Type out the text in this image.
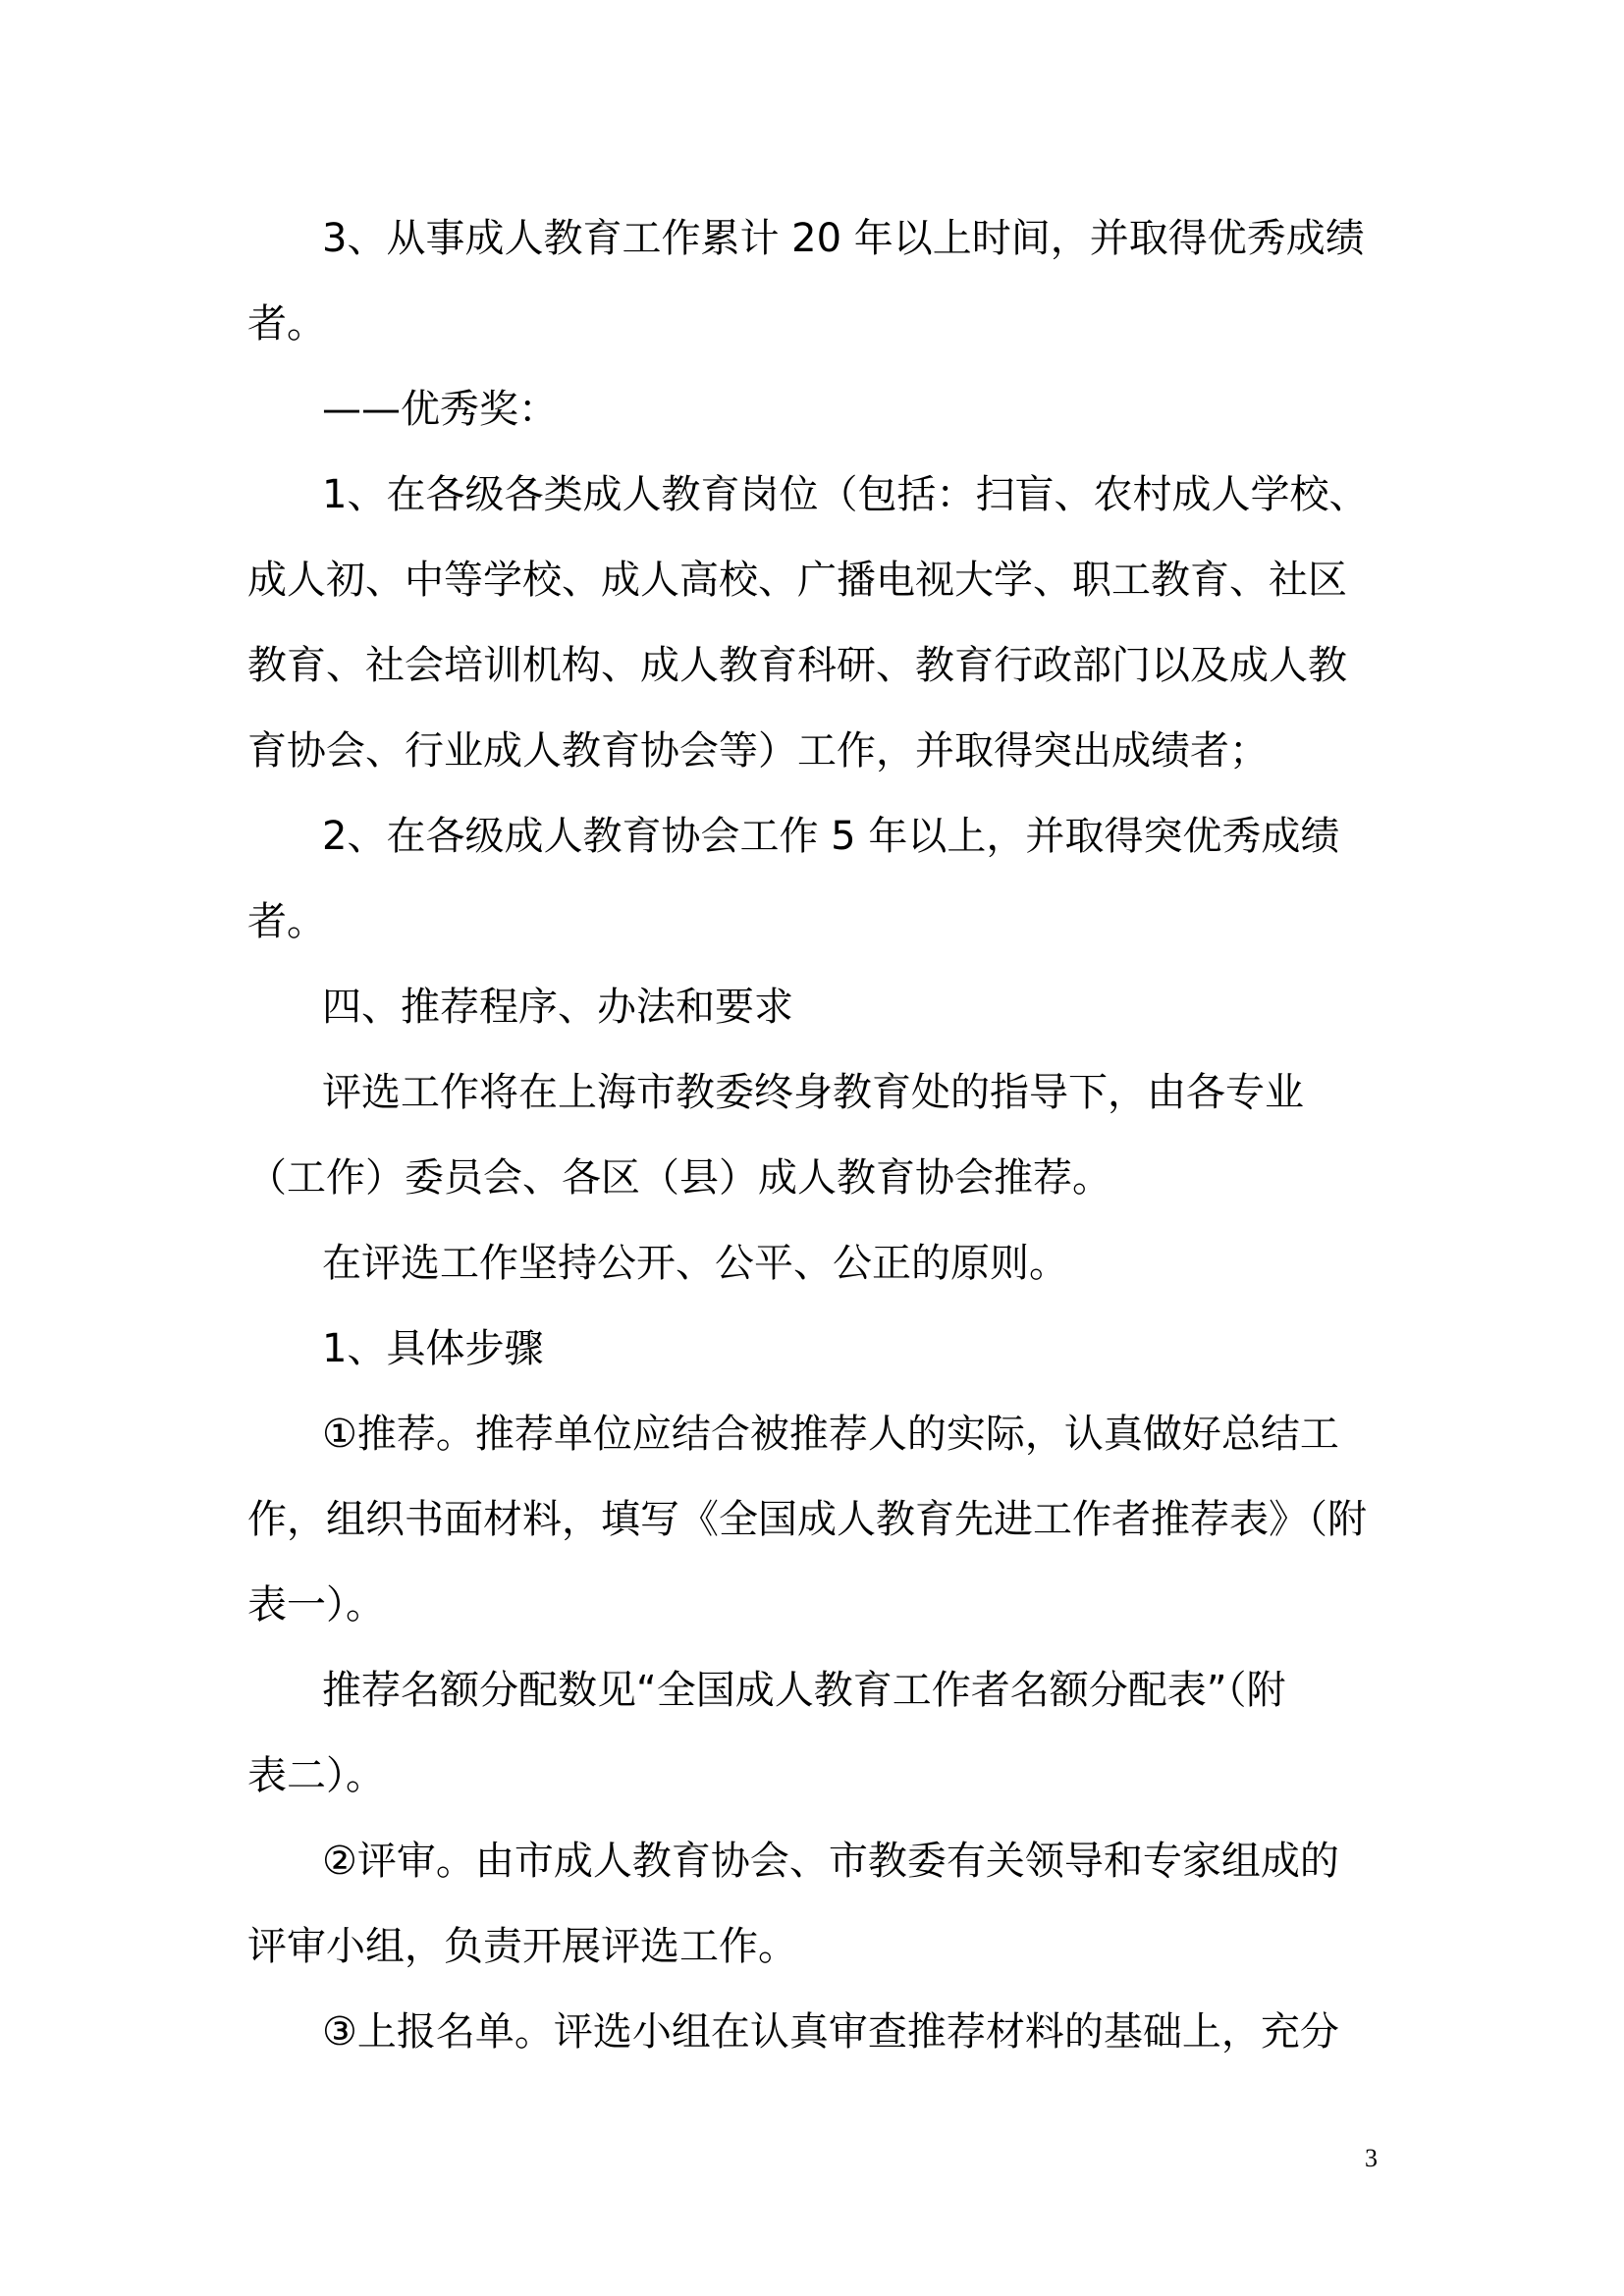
3、从事成人教育工作累计 20 年以上时间，并取得优秀成绩
者。
——优秀奖：
1、在各级各类成人教育岗位（包括：扫盲、农村成人学校、
成人初、中等学校、成人高校、广播电视大学、职工教育、社区
教育、社会培训机构、成人教育科研、教育行政部门以及成人教
育协会、行业成人教育协会等）工作，并取得突出成绩者；
2、在各级成人教育协会工作 5 年以上，并取得突优秀成绩
者。
四、推荐程序、办法和要求
评选工作将在上海市教委终身教育处的指导下，由各专业
（工作）委员会、各区（县）成人教育协会推荐。
在评选工作坚持公开、公平、公正的原则。
1、具体步骤
①推荐。推荐单位应结合被推荐人的实际，认真做好总结工
作，组织书面材料，填写《全国成人教育先进工作者推荐表》（附
表一）。
推荐名额分配数见“全国成人教育工作者名额分配表”（附
表二）。
②评审。由市成人教育协会、市教委有关领导和专家组成的
评审小组，负责开展评选工作。
③上报名单。评选小组在认真审查推荐材料的基础上，充分
3
